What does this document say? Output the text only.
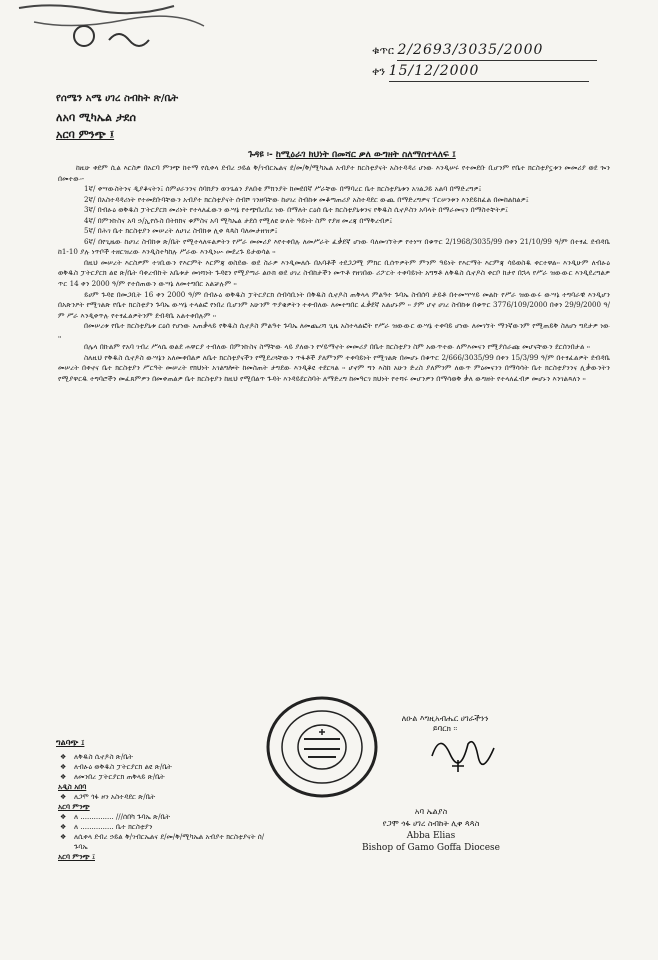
ቁጥር 2/2693/3035/2000
ቀን 15/12/2000
የሰሜን አሜ ሀገረ ስብከት ጽ/ቤት
ለአባ ሚካኤል ታደሰ
አርባ ምንጭ ፤
ጉዳዩ ፡- ከሚዕራገ ክህነት በመሻር ቃለ ውግዘት ስለማስተላለፍ ፤

ከዚሁ ቀደም ሲል እርስዎ በአርባ ምንጭ ከተማ የሲቀላ ደብረ ኃይል ቅ/ገብርኤልና ደ/መ/ቅ/ሚካኤል አብያተ ክርስቲያናት አስተዳዳሪ ሆነው እንዲሠሩ የተመደቡ ቢሆንም የቤተ ክርስቲያኗቱን መመሪያ ወደ ጐን በመተው፡-

1ኛ/ ቀሣውስትንና ዲያቆናትን፤ ሰምሀራንንና ሰባክያን ወንጌልን ያለበቂ ምክንያት ከመደበኛ ሥራቸው በማባረር ቤተ ክርስቲያኒቱን አገልጋይ አልባ በማድረግዎ፤

2ኛ/ በአስተዳዳሪነት የተመደቡባቸውን አብያተ ክርስቲያናት ሰብሾ ገንዘባቸው ከሀገረ ስብከቱ መቆጣጠሪያ አስተዳደር ውጪ በማድረግዎና ፐርሠንቱን እንደይከፈል በመከልከልዎ፤

3ኛ/ በብፁዕ ወቅዱስ ፓትርያርክ መሪነት የተላለፈውን ውሣኔ የተጭበረበረ ነው በማለት ርዕሰ ቤተ ክርስቲያኒቱንና የቅዱስ ሲኖዶስን አባላት በማራመናን በማስተቸትዎ፤

4ኛ/ በምንኩስና አባ ኃ/ኢየሱስ በትክክና ቁምስና አባ ሚካኤል ታደሰ የሚለዩ ሁለት ዓይነት ስም የያዘ መረጃ በማቅረብዎ፤

5ኛ/ በሕገ ቤተ ክርስቲያን መሠረት ለሀገረ ስብከቱ ሊቀ ጳጳስ ባለመታዘዝዎ፤

6ኛ/ በየጊዜው ከሀገረ ስብከቱ ጽ/ቤት የሚተላለፍልዎትን የሥራ መመሪያ እየተቀበሉ ለመሥራት ፈቃደኛ ሆነው ባለመገኘትዎ የተነሣ በቁጥር 2/1968/3035/99 በቀን 21/10/99 ዓ/ም በተፃፈ ደብዳቤ ከ1-10 ያሉ ነጥቦች ተዘርዝረው እንዲስተካከሉ ሥራው እንዲነሡ መደረጉ ይታወሳል ፡፡

በዚህ መሠረት እርስዎም ተገቢውን የእርምት እርምጃ ወስደው ወደ ስራዎ እንዲመለሱ በአባቶች ተደጋጋሚ ምክር ቢሰጥዎትም ምንም ዓይነት የእርማት እርምጃ ሳይወስዱ ቀርተዋል፡፡ እንዲሁም ለብፁዕ ወቅዱስ ፓትርያርክ ልዩ ጽ/ቤት ባቀረብኩት አቤቱታ መነሻነት ጉዳዩን የሚያጣራ ልዑክ ወደ ሀገረ ስብከታችን መጥቶ የዘገበው ሪፖርት ተቀባይነት አግኝቶ ለቅዱስ ሲኖዶስ ቀርቦ ከታየ በኋላ የሥራ ዝውውር እንዲደረግልዎ ጥር 14 ቀን 2000 ዓ/ም የተሰጠውን ውሣኔ ለመተግበር አልቻሉም ፡፡

ይሀም ጉዳዩ በመጋቢት 16 ቀን 2000 ዓ/ም በብፁዕ ወቅዱስ ፓትርያርክ ሰብሳቢነት በቅዱስ ሲኖዶስ ጠቅላላ ምልዓተ ጉባኤ ስብሰባ ታይቶ በተመሣሣይ መልኩ የሥራ ዝውውሩ ውሣኔ ተግባራዊ እንዲሆን በአጽንዖት የሚገልጽ የቤተ ክርስቲያን ጉባኤ ውሣኔ ተላልፎ የነበረ ቢሆንም አሁንም ጥያቄዎትን ተቀብለው ለመተግበር ፈቃደኛ አልሆኑም ፡፡ ያም ሆኖ ሀገረ ስብከቱ በቁጥር 3776/109/2000 በቀን 29/9/2000 ዓ/ም ሥራ እንዲቀጥሉ የተፃፈልዎትንም ደብዳቤ አልተቀበሉም ፡፡

በመሠረቱ የቤተ ክርስቲያኒቱ ርዕሰ የሆነው አጠቃላይ የቅዱስ ሲኖዶስ ምልዓተ ጉባኤ ለመጨረሻ ጊዜ አስተላልፎት የሥራ ዝውውር ውሣኔ ተቀባይ ሆነው ለመገኘት ማንኛውንም የሚጠይቅ ስለሆነ ግዴታዎ ነው ፡፡

በሌላ በኩልም የአባ ገብረ ሥላሴ ወልደ ሐዋርያ ተብለው በምንኩስና ስማቸው ላይ ያለውን የሃይማኖት መመሪያ በቤተ ክርስቲያን ስም አውጥተው ለምእመናን የሚያሰራጩ መሆናቸውን ደርሰንበታል ፡፡

ስለዚህ የቅዱስ ሲኖዶስ ውሣኔን አለመቀበልዎ ለቤተ ክርስቲያናችን የሚደረጓቸውን ጥፋቶች ያለምንም ተቀባይነት የሚገልጽ በመሆኑ በቁጥር 2/666/3035/99 በቀን 15/3/99 ዓ/ም በተፃፈልዎት ደብዳቤ መሠረት በቀኖና ቤተ ክርስቲያን ሥርዓት መሠረት የክህነት አገልግሎት ከመስጠት ታግደው እንዲቆዩ ተደርጓል ፡፡ ሆኖም ግን እስከ አሁን ድረስ ያለምንም ለውጥ ምዕመናንን በማሳሳት ቤተ ክርስቲያንንና ሊቃውንትን የሚያዋርዱ ተግባሮችን መፈጸምዎን በመቀጠልዎ ቤተ ክርስቲያን ከዚህ የሚበልጥ ጉዳት እንዳይደርስባት ለማድረግ ከመዓርገ ክህነት የተሻሩ መሆንዎን በማሳወቅ ቃለ ውግዘት የተላለፈብዎ መሆኑን እንገልጻለን ፡፡

ለዑል እግዚአብሔር ሀገራችንን
ይባርክ ፡፡
አባ ኤልያስ
የጋሞ ጎፋ ሀገረ ስብከት ሊቀ ጳጳስ
Abba Elias
Bishop of Gamo Goffa Diocese
ግልባጭ ፤
❖ ለቅዱስ ሲኖዶስ ጽ/ቤት
❖ ለብፁዕ ወቅዱስ ፓትርያርክ ልዩ ጽ/ቤት
❖ ለመንበረ ፓትርያርክ ጠቅላይ ጽ/ቤት
አዲስ አበባ
❖ ለጋሞ ጎፋ ዞን አስተዳደር ጽ/ቤት
አርባ ምንጭ
❖ ለ ............... ///ሰበካ ጉባኤ ጽ/ቤት
❖ ለ ............... ቤተ ክርስቲያን
❖ ለሲቀላ ደብረ ኃይል ቅ/ገብርኤልና ደ/መ/ቅ/ሚካኤል አብያተ ክርስቲያናት ሰ/ጉባኤ
አርባ ምንጭ ፤
